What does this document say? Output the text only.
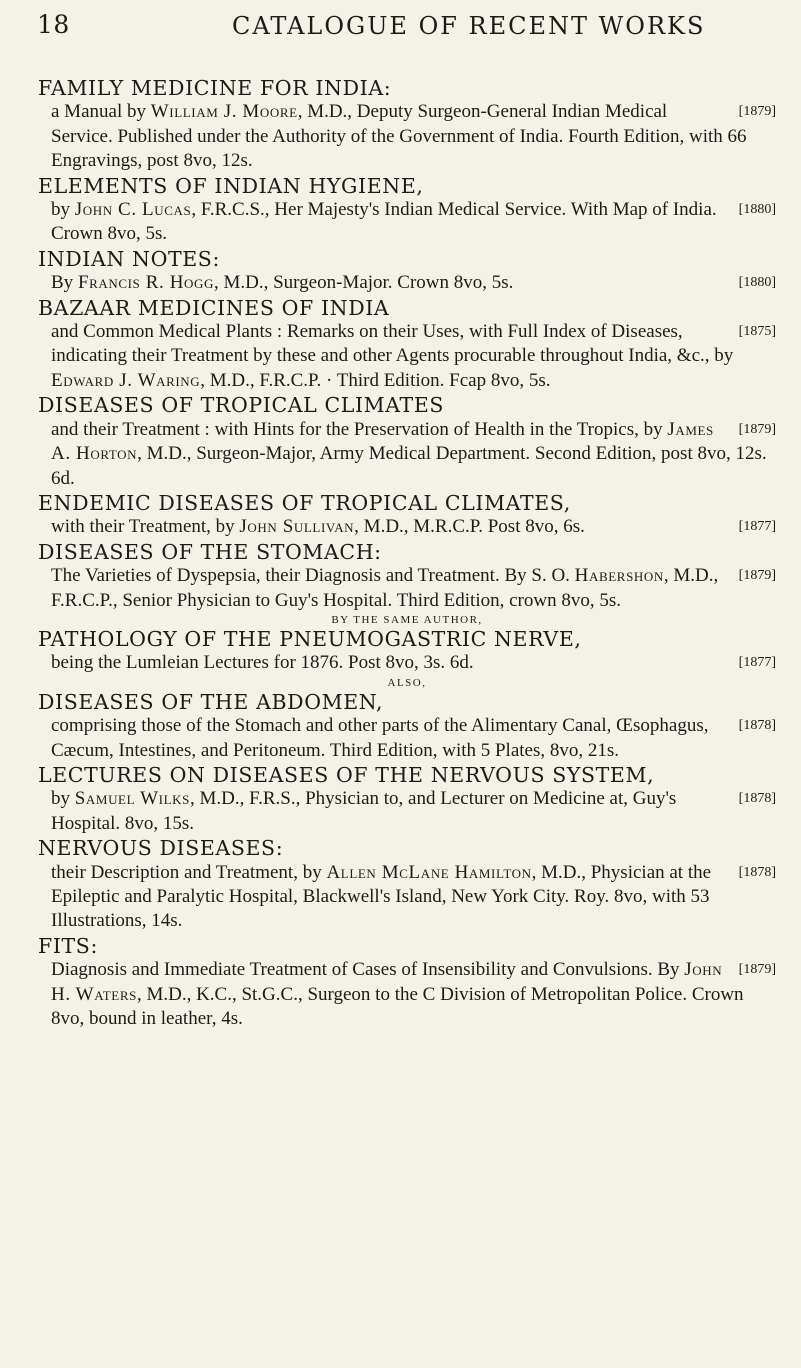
18	CATALOGUE OF RECENT WORKS
FAMILY MEDICINE FOR INDIA:
[1879]
a Manual by William J. Moore, M.D., Deputy Surgeon-General Indian Medical Service. Published under the Authority of the Government of India. Fourth Edition, with 66 Engravings, post 8vo, 12s.
ELEMENTS OF INDIAN HYGIENE,
[1880]
by John C. Lucas, F.R.C.S., Her Majesty's Indian Medical Service. With Map of India. Crown 8vo, 5s.
INDIAN NOTES:
[1880]
By Francis R. Hogg, M.D., Surgeon-Major. Crown 8vo, 5s.
BAZAAR MEDICINES OF INDIA
[1875]
and Common Medical Plants : Remarks on their Uses, with Full Index of Diseases, indicating their Treatment by these and other Agents procurable throughout India, &c., by Edward J. Waring, M.D., F.R.C.P. · Third Edition. Fcap 8vo, 5s.
DISEASES OF TROPICAL CLIMATES
[1879]
and their Treatment : with Hints for the Preservation of Health in the Tropics, by James A. Horton, M.D., Surgeon-Major, Army Medical Department. Second Edition, post 8vo, 12s. 6d.
ENDEMIC DISEASES OF TROPICAL CLIMATES,
[1877]
with their Treatment, by John Sullivan, M.D., M.R.C.P. Post 8vo, 6s.
DISEASES OF THE STOMACH:
[1879]
The Varieties of Dyspepsia, their Diagnosis and Treatment. By S. O. Habershon, M.D., F.R.C.P., Senior Physician to Guy's Hospital. Third Edition, crown 8vo, 5s.
BY THE SAME AUTHOR,
PATHOLOGY OF THE PNEUMOGASTRIC NERVE,
[1877]
being the Lumleian Lectures for 1876. Post 8vo, 3s. 6d.
ALSO,
DISEASES OF THE ABDOMEN,
[1878]
comprising those of the Stomach and other parts of the Alimentary Canal, Œsophagus, Cæcum, Intestines, and Peritoneum. Third Edition, with 5 Plates, 8vo, 21s.
LECTURES ON DISEASES OF THE NERVOUS SYSTEM,
[1878]
by Samuel Wilks, M.D., F.R.S., Physician to, and Lecturer on Medicine at, Guy's Hospital. 8vo, 15s.
NERVOUS DISEASES:
[1878]
their Description and Treatment, by Allen McLane Hamilton, M.D., Physician at the Epileptic and Paralytic Hospital, Blackwell's Island, New York City. Roy. 8vo, with 53 Illustrations, 14s.
FITS:
[1879]
Diagnosis and Immediate Treatment of Cases of Insensibility and Convulsions. By John H. Waters, M.D., K.C., St.G.C., Surgeon to the C Division of Metropolitan Police. Crown 8vo, bound in leather, 4s.
